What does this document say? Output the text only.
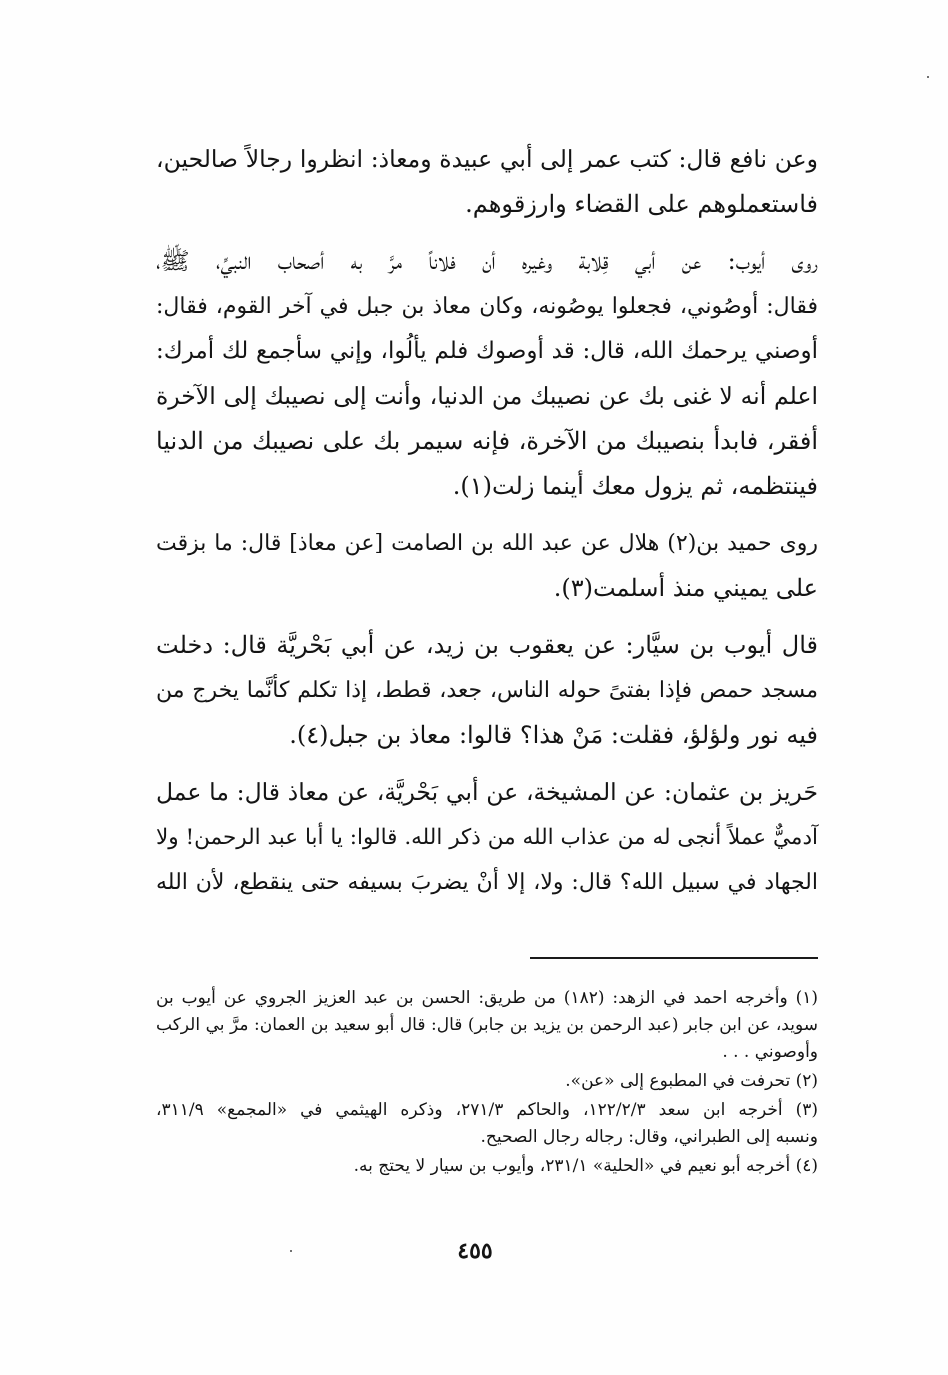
وعن نافع قال: كتب عمر إلى أبي عبيدة ومعاذ: انظروا رجالاً صالحين،
فاستعملوهم على القضاء وارزقوهم.

روى أيوب: عن أبي قِلابة وغيره أن فلاناً مرَّ به أصحاب النبيِّ، ﷺ،
فقال: أوصُوني، فجعلوا يوصُونه، وكان معاذ بن جبل في آخر القوم، فقال:
أوصني يرحمك الله، قال: قد أوصوك فلم يألُوا، وإني سأجمع لك أمرك:
اعلم أنه لا غنى بك عن نصيبك من الدنيا، وأنت إلى نصيبك إلى الآخرة
أفقر، فابدأ بنصيبك من الآخرة، فإنه سيمر بك على نصيبك من الدنيا
فينتظمه، ثم يزول معك أينما زلت(١).

روى حميد بن(٢) هلال عن عبد الله بن الصامت [عن معاذ] قال: ما بزقت
على يميني منذ أسلمت(٣).

قال أيوب بن سيَّار: عن يعقوب بن زيد، عن أبي بَحْريَّة قال: دخلت
مسجد حمص فإذا بفتىً حوله الناس، جعد، قطط، إذا تكلم كأنَّما يخرج من
فيه نور ولؤلؤ، فقلت: مَنْ هذا؟ قالوا: معاذ بن جبل(٤).

حَريز بن عثمان: عن المشيخة، عن أبي بَحْريَّة، عن معاذ قال: ما عمل
آدميٌّ عملاً أنجى له من عذاب الله من ذكر الله. قالوا: يا أبا عبد الرحمن! ولا
الجهاد في سبيل الله؟ قال: ولا، إلا أنْ يضربَ بسيفه حتى ينقطع، لأن الله

(١) وأخرجه احمد في الزهد: (١٨٢) من طريق: الحسن بن عبد العزيز الجروي عن أيوب بن
سويد، عن ابن جابر (عبد الرحمن بن يزيد بن جابر) قال: قال أبو سعيد بن العمان: مرَّ بي الركب
وأوصوني . . .

(٢) تحرفت في المطبوع إلى «عن».

(٣) أخرجه ابن سعد ١٢٢/٢/٣، والحاكم ٢٧١/٣، وذكره الهيثمي في «المجمع» ٣١١/٩،
ونسبه إلى الطبراني، وقال: رجاله رجال الصحيح.

(٤) أخرجه أبو نعيم في «الحلية» ٢٣١/١، وأيوب بن سيار لا يحتج به.

٤٥٥
